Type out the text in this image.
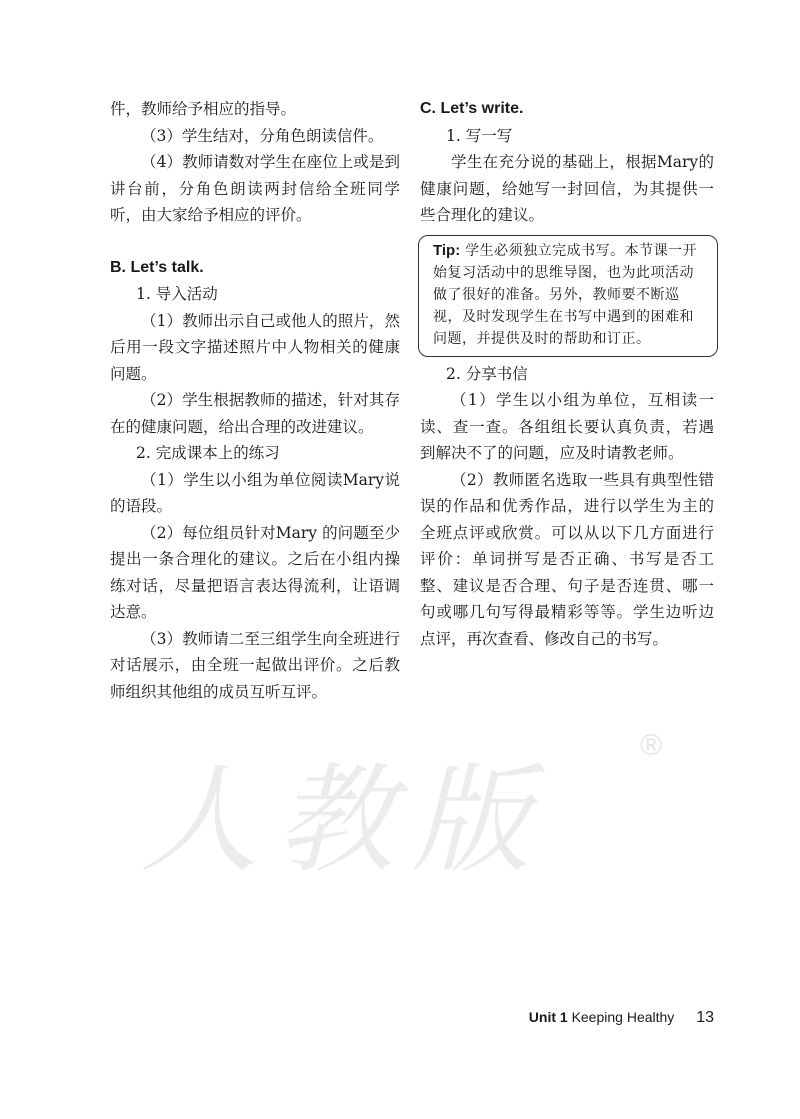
件，教师给予相应的指导。

（3）学生结对，分角色朗读信件。

（4）教师请数对学生在座位上或是到讲台前，分角色朗读两封信给全班同学听，由大家给予相应的评价。

B. Let’s talk.

1. 导入活动

（1）教师出示自己或他人的照片，然后用一段文字描述照片中人物相关的健康问题。

（2）学生根据教师的描述，针对其存在的健康问题，给出合理的改进建议。

2. 完成课本上的练习

（1）学生以小组为单位阅读Mary说的语段。

（2）每位组员针对Mary 的问题至少提出一条合理化的建议。之后在小组内操练对话，尽量把语言表达得流利，让语调达意。

（3）教师请二至三组学生向全班进行对话展示，由全班一起做出评价。之后教师组织其他组的成员互听互评。

C. Let’s write.

1. 写一写

学生在充分说的基础上，根据Mary的健康问题，给她写一封回信，为其提供一些合理化的建议。

Tip: 学生必须独立完成书写。本节课一开始复习活动中的思维导图，也为此项活动做了很好的准备。另外，教师要不断巡视，及时发现学生在书写中遇到的困难和问题，并提供及时的帮助和订正。

2. 分享书信

（1）学生以小组为单位，互相读一读、查一查。各组组长要认真负责，若遇到解决不了的问题，应及时请教老师。

（2）教师匿名选取一些具有典型性错误的作品和优秀作品，进行以学生为主的全班点评或欣赏。可以从以下几方面进行评价：单词拼写是否正确、书写是否工整、建议是否合理、句子是否连贯、哪一句或哪几句写得最精彩等等。学生边听边点评，再次查看、修改自己的书写。

人教版
®
Unit 1 Keeping Healthy 13
